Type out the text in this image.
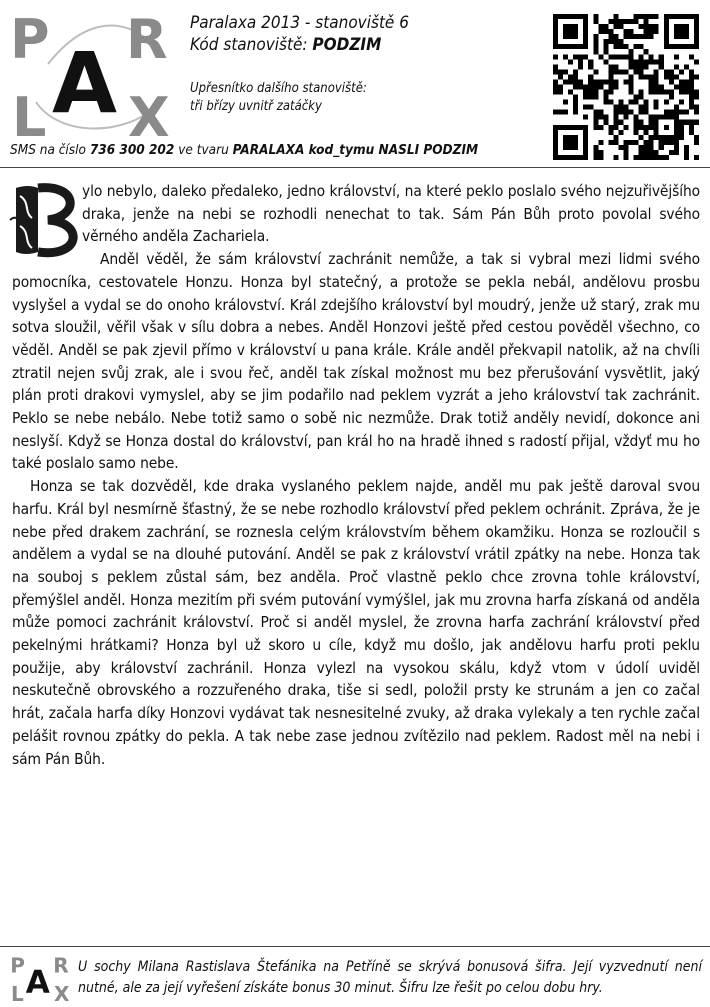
P R
L X
A
Paralaxa 2013 - stanoviště 6
Kód stanoviště: PODZIM
Upřesnítko dalšího stanoviště:
tři břízy uvnitř zatáčky
SMS na číslo 736 300 202 ve tvaru PARALAXA kod_tymu NASLI PODZIM

ylo nebylo, daleko předaleko, jedno království, na které peklo poslalo svého nejzuřivějšího draka, jenže na nebi se rozhodli nenechat to tak. Sám Pán Bůh proto povolal svého věrného anděla Zachariela.

Anděl věděl, že sám království zachránit nemůže, a tak si vybral mezi lidmi svého pomocníka, cestovatele Honzu. Honza byl statečný, a protože se pekla nebál, andělovu prosbu vyslyšel a vydal se do onoho království. Král zdejšího království byl moudrý, jenže už starý, zrak mu sotva sloužil, věřil však v sílu dobra a nebes. Anděl Honzovi ještě před cestou pověděl všechno, co věděl. Anděl se pak zjevil přímo v království u pana krále. Krále anděl překvapil natolik, až na chvíli ztratil nejen svůj zrak, ale i svou řeč, anděl tak získal možnost mu bez přerušování vysvětlit, jaký plán proti drakovi vymyslel, aby se jim podařilo nad peklem vyzrát a jeho království tak zachránit. Peklo se nebe nebálo. Nebe totiž samo o sobě nic nezmůže. Drak totiž anděly nevidí, dokonce ani neslyší. Když se Honza dostal do království, pan král ho na hradě ihned s radostí přijal, vždyť mu ho také poslalo samo nebe.

Honza se tak dozvěděl, kde draka vyslaného peklem najde, anděl mu pak ještě daroval svou harfu. Král byl nesmírně šťastný, že se nebe rozhodlo království před peklem ochránit. Zpráva, že je nebe před drakem zachrání, se roznesla celým královstvím během okamžiku. Honza se rozloučil s andělem a vydal se na dlouhé putování. Anděl se pak z království vrátil zpátky na nebe. Honza tak na souboj s peklem zůstal sám, bez anděla. Proč vlastně peklo chce zrovna tohle království, přemýšlel anděl. Honza mezitím při svém putování vymýšlel, jak mu zrovna harfa získaná od anděla může pomoci zachránit království. Proč si anděl myslel, že zrovna harfa zachrání království před pekelnými hrátkami? Honza byl už skoro u cíle, když mu došlo, jak andělovu harfu proti peklu použije, aby království zachránil. Honza vylezl na vysokou skálu, když vtom v údolí uviděl neskutečně obrovského a rozzuřeného draka, tiše si sedl, položil prsty ke strunám a jen co začal hrát, začala harfa díky Honzovi vydávat tak nesnesitelné zvuky, až draka vylekaly a ten rychle začal pelášit rovnou zpátky do pekla. A tak nebe zase jednou zvítězilo nad peklem. Radost měl na nebi i sám Pán Bůh.

P R
L X
A U sochy Milana Rastislava Štefánika na Petříně se skrývá bonusová šifra. Její vyzvednutí není nutné, ale za její vyřešení získáte bonus 30 minut. Šifru lze řešit po celou dobu hry.
